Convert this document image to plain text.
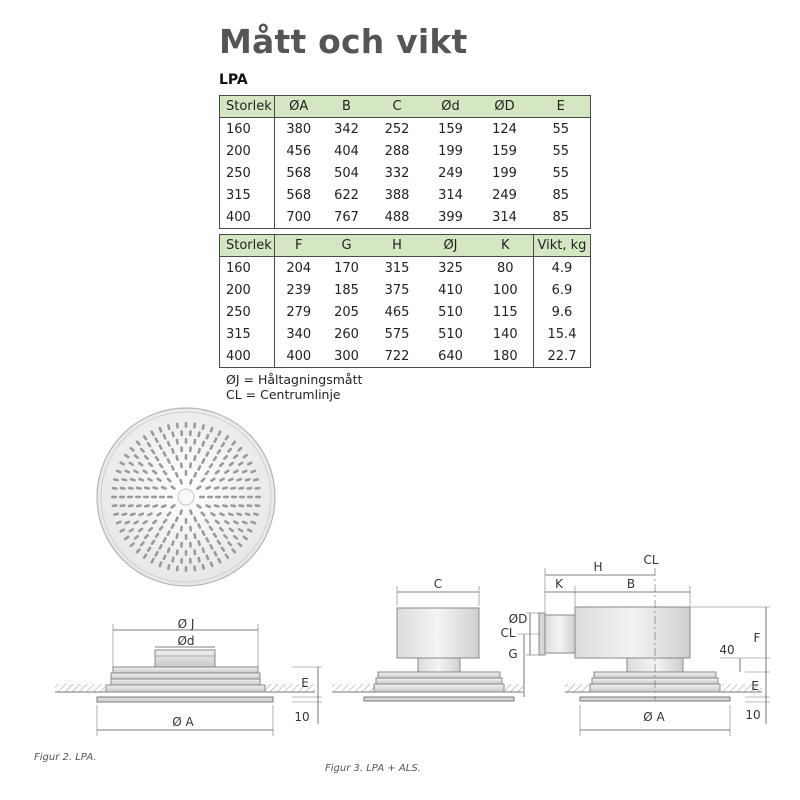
Mått och vikt
LPA
Storlek	ØA	B	C	Ød	ØD	E
160	380	342	252	159	124	55
200	456	404	288	199	159	55
250	568	504	332	249	199	55
315	568	622	388	314	249	85
400	700	767	488	399	314	85
Storlek	F	G	H	ØJ	K	Vikt, kg
160	204	170	315	325	80	4.9
200	239	185	375	410	100	6.9
250	279	205	465	510	115	9.6
315	340	260	575	510	140	15.4
400	400	300	722	640	180	22.7
ØJ = Håltagningsmått
CL = Centrumlinje
Ø J
Ød
E
Ø A	10
C
H	CL
K	B
ØD
CL
G
F
40
E
Ø A	10
Figur 2. LPA.
Figur 3. LPA + ALS.
